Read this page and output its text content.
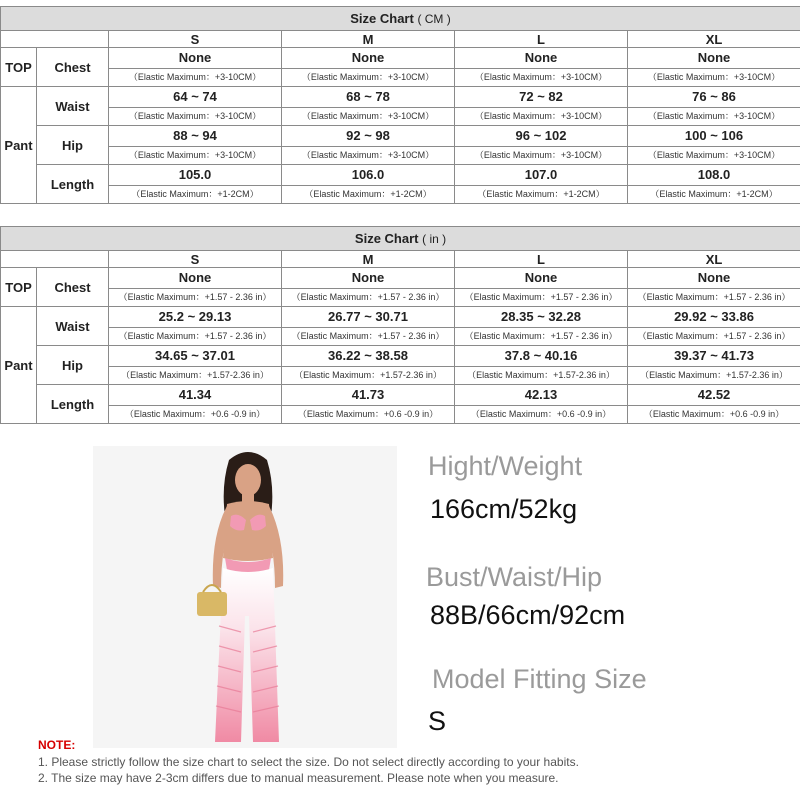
Size Chart ( CM )					
		S	M	L	XL
TOP	Chest	None	None	None	None
		（Elastic Maximum：+3-10CM）	（Elastic Maximum：+3-10CM）	（Elastic Maximum：+3-10CM）	（Elastic Maximum：+3-10CM）
Pant	Waist	64 ~ 74	68 ~ 78	72 ~ 82	76 ~ 86
		（Elastic Maximum：+3-10CM）	（Elastic Maximum：+3-10CM）	（Elastic Maximum：+3-10CM）	（Elastic Maximum：+3-10CM）
	Hip	88 ~ 94	92 ~ 98	96 ~ 102	100 ~ 106
		（Elastic Maximum：+3-10CM）	（Elastic Maximum：+3-10CM）	（Elastic Maximum：+3-10CM）	（Elastic Maximum：+3-10CM）
	Length	105.0	106.0	107.0	108.0
		（Elastic Maximum：+1-2CM）	（Elastic Maximum：+1-2CM）	（Elastic Maximum：+1-2CM）	（Elastic Maximum：+1-2CM）
Size Chart ( in )					
		S	M	L	XL
TOP	Chest	None	None	None	None
		（Elastic Maximum：+1.57 - 2.36 in）	（Elastic Maximum：+1.57 - 2.36 in）	（Elastic Maximum：+1.57 - 2.36 in）	（Elastic Maximum：+1.57 - 2.36 in）
Pant	Waist	25.2 ~ 29.13	26.77 ~ 30.71	28.35 ~ 32.28	29.92 ~ 33.86
		（Elastic Maximum：+1.57 - 2.36 in）	（Elastic Maximum：+1.57 - 2.36 in）	（Elastic Maximum：+1.57 - 2.36 in）	（Elastic Maximum：+1.57 - 2.36 in）
	Hip	34.65 ~ 37.01	36.22 ~ 38.58	37.8 ~ 40.16	39.37 ~ 41.73
		（Elastic Maximum：+1.57-2.36 in）	（Elastic Maximum：+1.57-2.36 in）	（Elastic Maximum：+1.57-2.36 in）	（Elastic Maximum：+1.57-2.36 in）
	Length	41.34	41.73	42.13	42.52
		（Elastic Maximum：+0.6 -0.9 in）	（Elastic Maximum：+0.6 -0.9 in）	（Elastic Maximum：+0.6 -0.9 in）	（Elastic Maximum：+0.6 -0.9 in）
Hight/Weight
166cm/52kg
Bust/Waist/Hip
88B/66cm/92cm
Model Fitting Size
S
NOTE:
1. Please strictly follow the size chart to select the size. Do not select directly according to your habits.
2. The size may have 2-3cm differs due to manual measurement. Please note when you measure.
